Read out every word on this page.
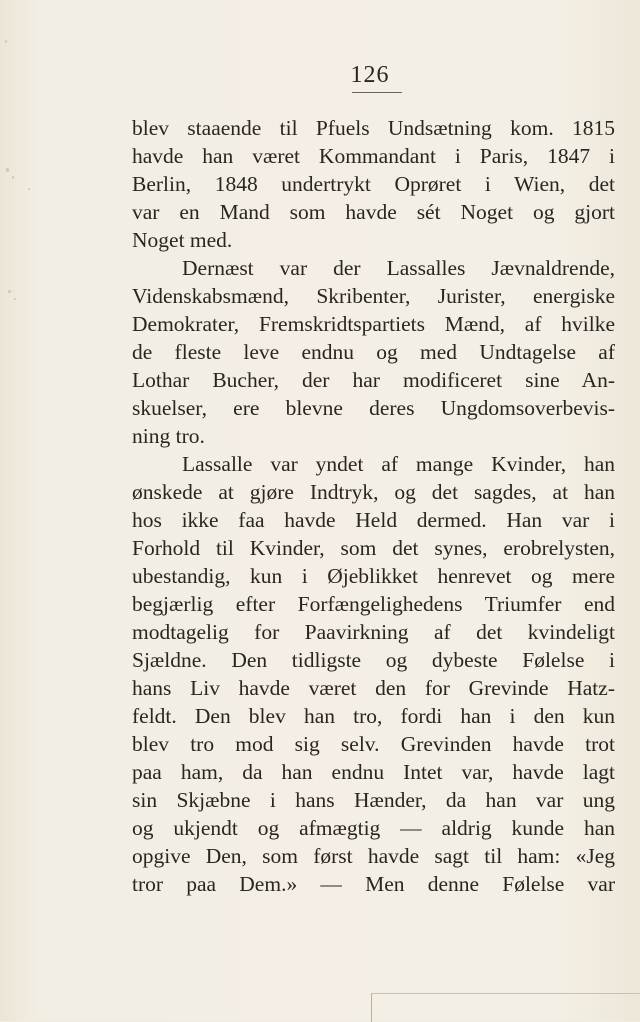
126
blev staaende til Pfuels Undsætning kom. 1815
havde han været Kommandant i Paris, 1847 i
Berlin, 1848 undertrykt Oprøret i Wien, det
var en Mand som havde sét Noget og gjort
Noget med.
Dernæst var der Lassalles Jævnaldrende,
Videnskabsmænd, Skribenter, Jurister, energiske
Demokrater, Fremskridtspartiets Mænd, af hvilke
de fleste leve endnu og med Undtagelse af
Lothar Bucher, der har modificeret sine An-
skuelser, ere blevne deres Ungdomsoverbevis-
ning tro.
Lassalle var yndet af mange Kvinder, han
ønskede at gjøre Indtryk, og det sagdes, at han
hos ikke faa havde Held dermed. Han var i
Forhold til Kvinder, som det synes, erobrelysten,
ubestandig, kun i Øjeblikket henrevet og mere
begjærlig efter Forfængelighedens Triumfer end
modtagelig for Paavirkning af det kvindeligt
Sjældne. Den tidligste og dybeste Følelse i
hans Liv havde været den for Grevinde Hatz-
feldt. Den blev han tro, fordi han i den kun
blev tro mod sig selv. Grevinden havde trot
paa ham, da han endnu Intet var, havde lagt
sin Skjæbne i hans Hænder, da han var ung
og ukjendt og afmægtig — aldrig kunde han
opgive Den, som først havde sagt til ham: «Jeg
tror paa Dem.» — Men denne Følelse var
